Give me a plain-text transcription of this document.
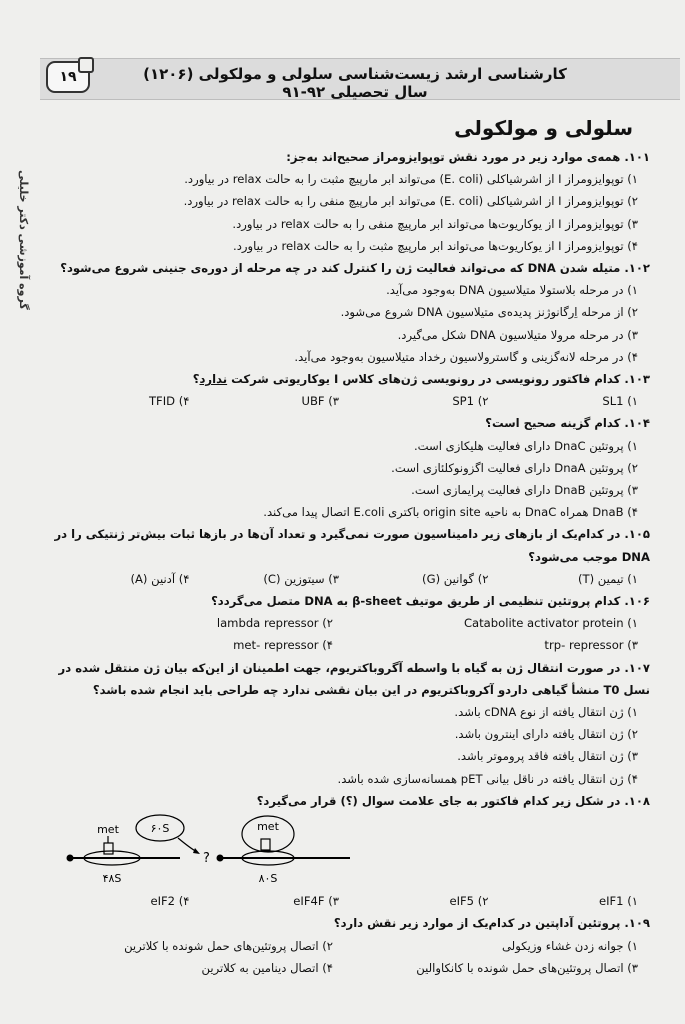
۱۹	کارشناسی ارشد زیست‌شناسی سلولی و مولکولی (۱۲۰۶) سال تحصیلی ۹۲-۹۱
گروه آموزشی دکتر خلیلی
سلولی و مولکولی
۱۰۱.همه‌ی موارد زیر در مورد نقش توپوایزومراز صحیح‌اند به‌جز:
۱) توپوایزومراز I از اشرشیاکلی (E. coli) می‌تواند ابر مارپیچ مثبت را به حالت relax در بیاورد.
۲) توپوایزومراز I از اشرشیاکلی (E. coli) می‌تواند ابر مارپیچ منفی را به حالت relax در بیاورد.
۳) توپوایزومراز I از یوکاریوت‌ها می‌تواند ابر مارپیچ منفی را به حالت relax در بیاورد.
۴) توپوایزومراز I از یوکاریوت‌ها می‌تواند ابر مارپیچ مثبت را به حالت relax در بیاورد.
۱۰۲.متیله شدن DNA که می‌تواند فعالیت ژن را کنترل کند در چه مرحله از دوره‌ی جنینی شروع می‌شود؟
۱) در مرحله بلاستولا متیلاسیون DNA به‌وجود می‌آید.
۲) از مرحله اِرگانوژنز پدیده‌ی متیلاسیون DNA شروع می‌شود.
۳) در مرحله مرولا متیلاسیون DNA شکل می‌گیرد.
۴) در مرحله لانه‌گزینی و گاسترولاسیون رخداد متیلاسیون به‌وجود می‌آید.
۱۰۳.کدام فاکتور رونویسی در رونویسی ژن‌های کلاس I یوکاریوتی شرکت ندارد؟
SL1 (۱
SP1 (۲
UBF (۳
TFID (۴
۱۰۴.کدام گزینه صحیح است؟
۱) پروتئین DnaC دارای فعالیت هلیکازی است.
۲) پروتئین DnaA دارای فعالیت اگزونوکلئازی است.
۳) پروتئین DnaB دارای فعالیت پرایمازی است.
۴) DnaB همراه DnaC به ناحیه origin site باکتری E.coli اتصال پیدا می‌کند.
۱۰۵.در کدام‌یک از بازهای زیر دامیناسیون صورت نمی‌گیرد و تعداد آن‌ها در بازها ثبات بیش‌تر ژنتیکی را در DNA موجب می‌شود؟
۱) تیمین (T)
۲) گوانین (G)
۳) سیتوزین (C)
۴) آدنین (A)
۱۰۶.کدام پروتئین تنظیمی از طریق موتیف β-sheet به DNA متصل می‌گردد؟
Catabolite activator protein (۱
lambda repressor (۲
trp- repressor (۳
met- repressor (۴
۱۰۷.در صورت انتقال ژن به گیاه با واسطه آگروباکتریوم، جهت اطمینان از این‌که بیان ژن منتقل شده در نسل T0 منشأ گیاهی داردو آکروباکتریوم در این بیان نقشی ندارد چه طراحی باید انجام شده باشد؟
۱) ژن انتقال یافته از نوع cDNA باشد.
۲) ژن انتقال یافته دارای اینترون باشد.
۳) ژن انتقال یافته فاقد پروموتر باشد.
۴) ژن انتقال یافته در ناقل بیانی pET همسانه‌سازی شده باشد.
۱۰۸.در شکل زیر کدام فاکتور به جای علامت سوال (؟) قرار می‌گیرد؟
met
۴۸S
۶۰S
?
met
۸۰S
eIF1 (۱
eIF5 (۲
eIF4F (۳
eIF2 (۴
۱۰۹.پروتئین آداپتین در کدام‌یک از موارد زیر نقش دارد؟
۱) جوانه زدن غشاء وزیکولی
۲) اتصال پروتئین‌های حمل شونده با کلاترین
۳) اتصال پروتئین‌های حمل شونده با کانکاوالین
۴) اتصال دینامین به کلاترین
